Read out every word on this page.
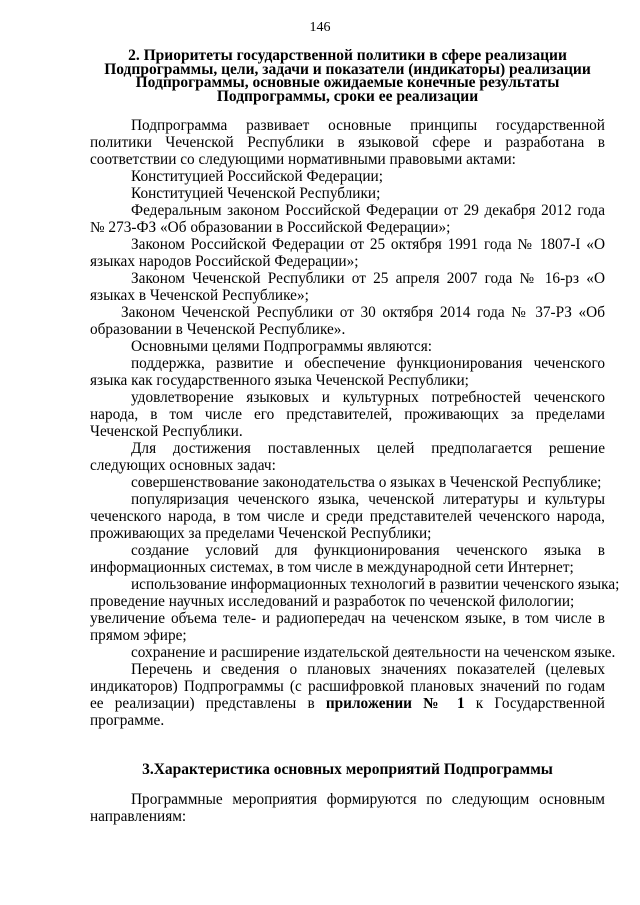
146
2. Приоритеты государственной политики в сфере реализации
Подпрограммы, цели, задачи и показатели (индикаторы) реализации
Подпрограммы, основные ожидаемые конечные результаты
Подпрограммы, сроки ее реализации

Подпрограмма развивает основные принципы государственной политики Чеченской Республики в языковой сфере и разработана в соответствии со следующими нормативными правовыми актами:

Конституцией Российской Федерации;

Конституцией Чеченской Республики;

Федеральным законом Российской Федерации от 29 декабря 2012 года № 273-ФЗ «Об образовании в Российской Федерации»;

Законом Российской Федерации от 25 октября 1991 года № 1807-I «О языках народов Российской Федерации»;

Законом Чеченской Республики от 25 апреля 2007 года № 16-рз «О языках в Чеченской Республике»;

Законом Чеченской Республики от 30 октября 2014 года № 37-РЗ «Об образовании в Чеченской Республике».

Основными целями Подпрограммы являются:

поддержка, развитие и обеспечение функционирования чеченского языка как государственного языка Чеченской Республики;

удовлетворение языковых и культурных потребностей чеченского народа, в том числе его представителей, проживающих за пределами Чеченской Республики.

Для достижения поставленных целей предполагается решение следующих основных задач:

совершенствование законодательства о языках в Чеченской Республике;

популяризация чеченского языка, чеченской литературы и культуры чеченского народа, в том числе и среди представителей чеченского народа, проживающих за пределами Чеченской Республики;

создание условий для функционирования чеченского языка в информационных системах, в том числе в международной сети Интернет;

использование информационных технологий в развитии чеченского языка;

проведение научных исследований и разработок по чеченской филологии;

увеличение объема теле- и радиопередач на чеченском языке, в том числе в прямом эфире;

сохранение и расширение издательской деятельности на чеченском языке.

Перечень и сведения о плановых значениях показателей (целевых индикаторов) Подпрограммы (с расшифровкой плановых значений по годам ее реализации) представлены в приложении № 1 к Государственной программе.

3.Характеристика основных мероприятий Подпрограммы

Программные мероприятия формируются по следующим основным направлениям:
